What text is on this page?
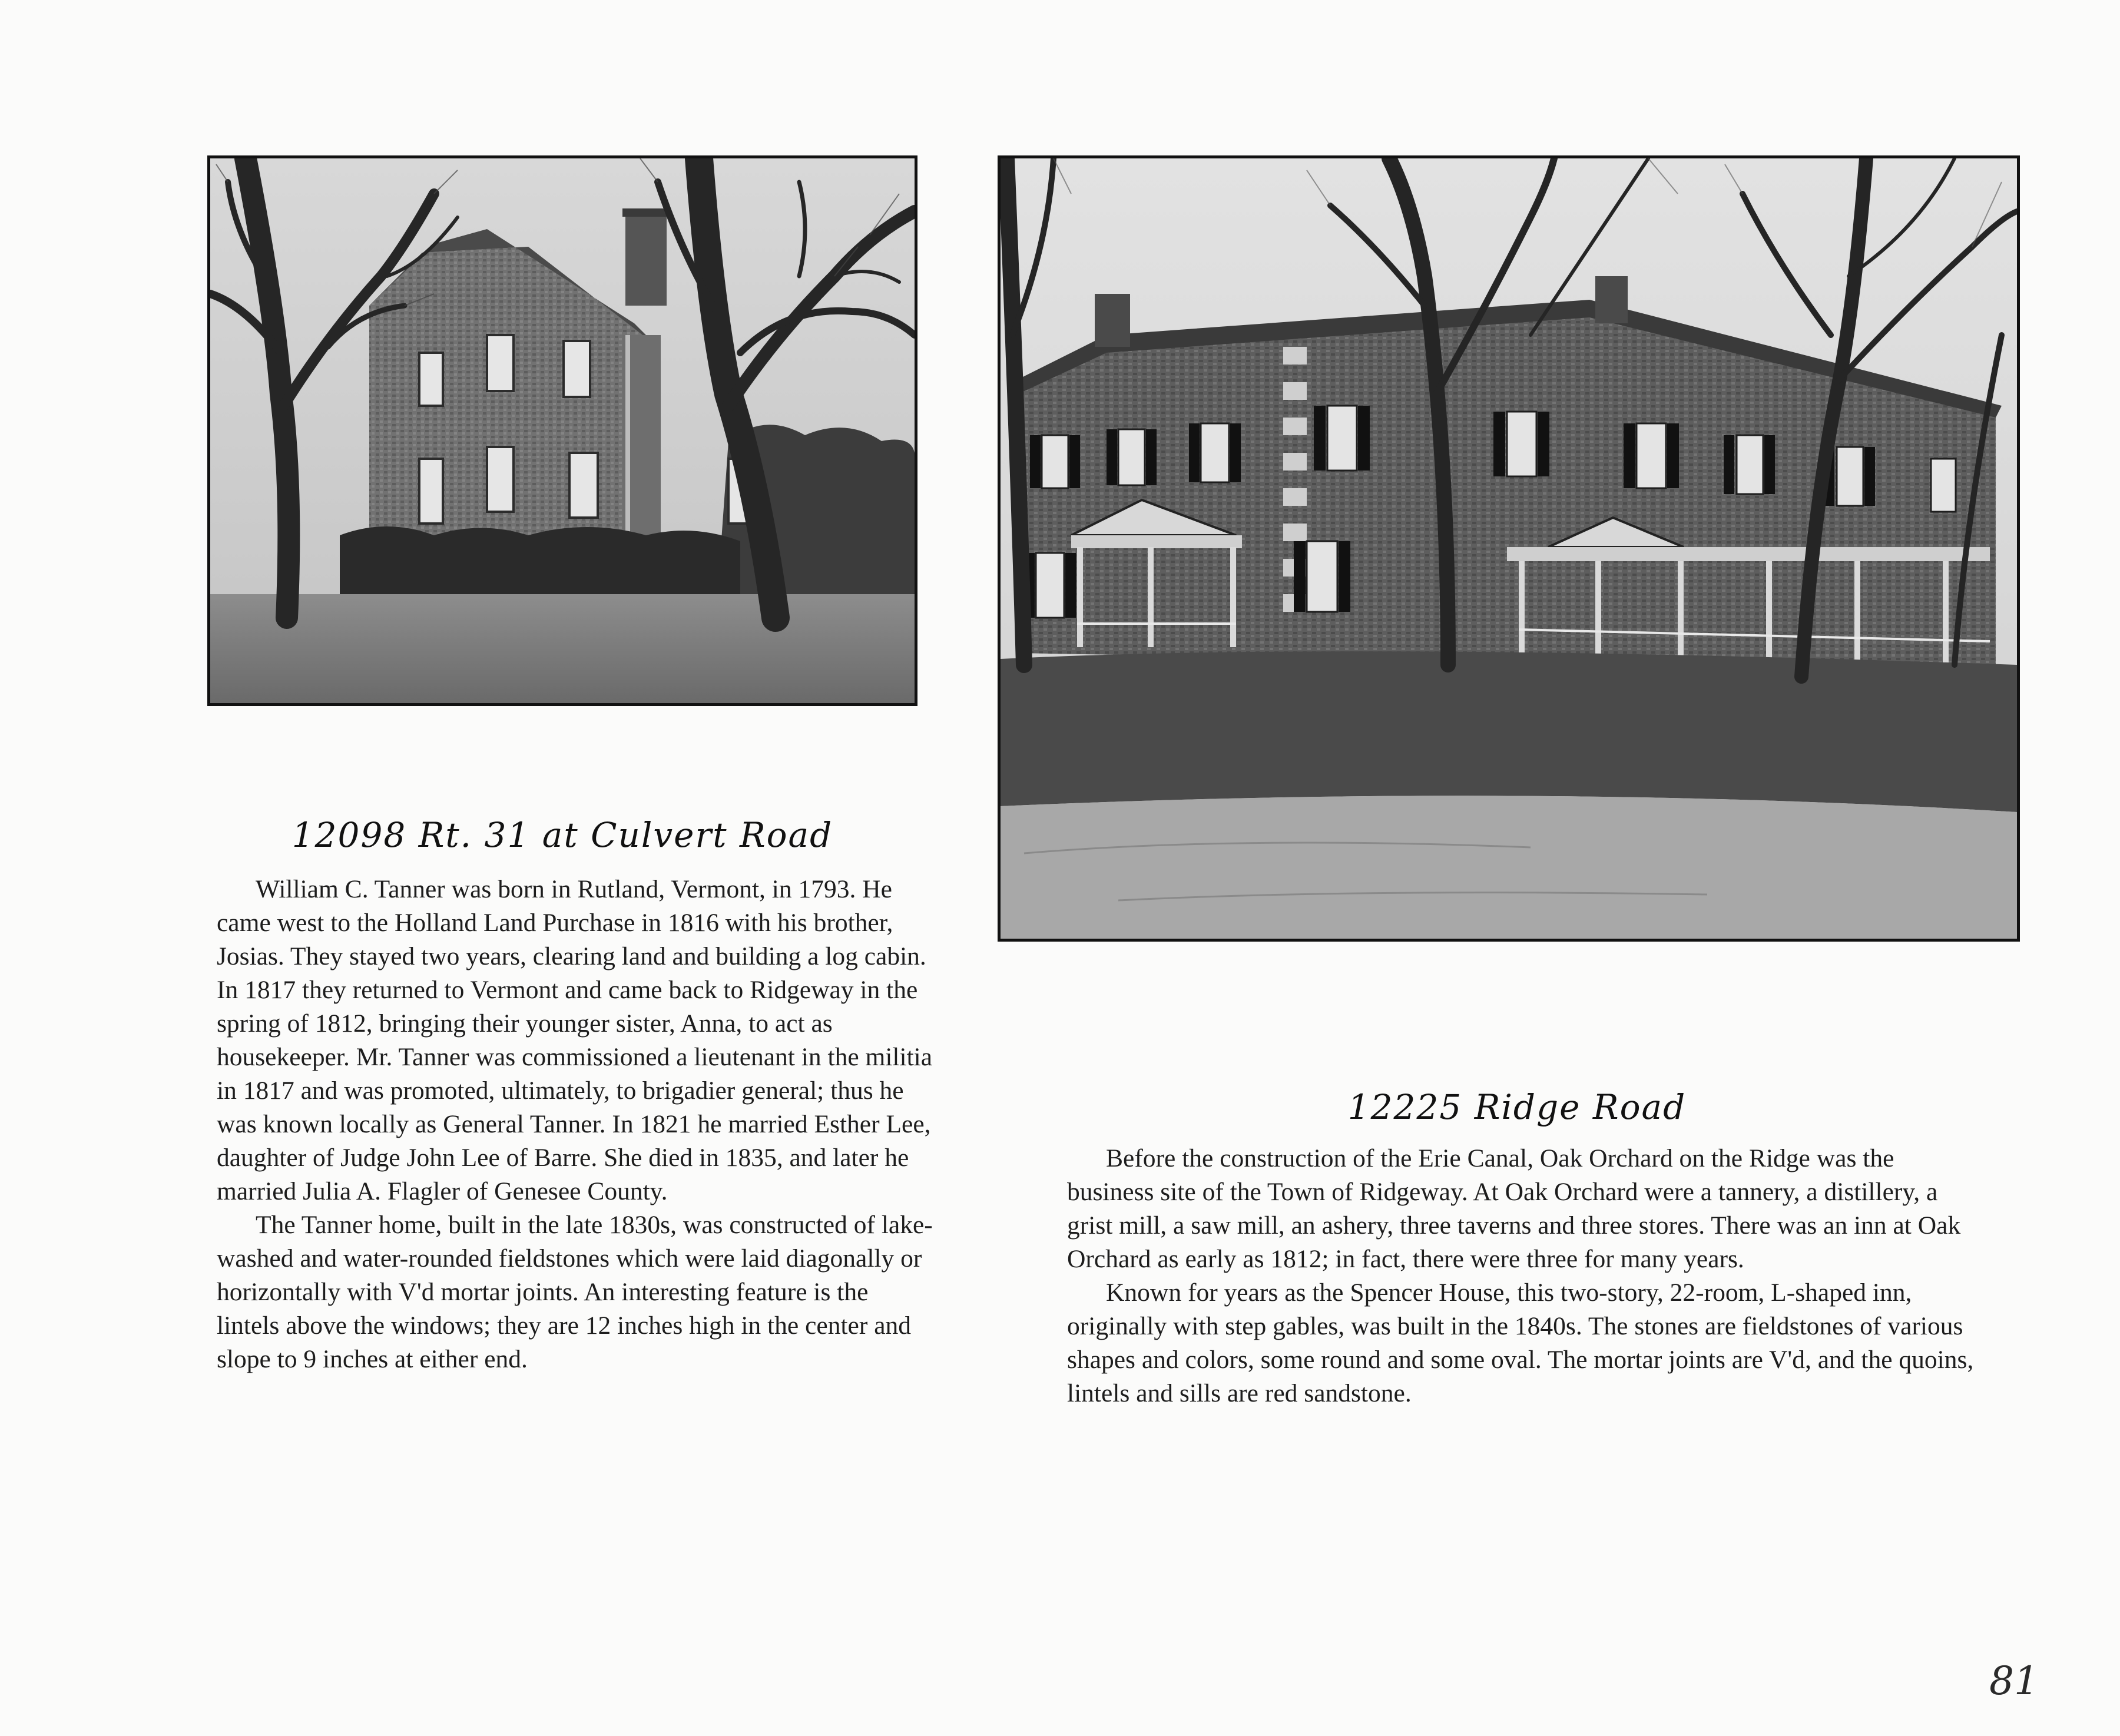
12098 Rt. 31 at Culvert Road

William C. Tanner was born in Rutland, Vermont, in 1793. He came west to the Holland Land Purchase in 1816 with his brother, Josias. They stayed two years, clearing land and building a log cabin. In 1817 they returned to Vermont and came back to Ridgeway in the spring of 1812, bringing their younger sister, Anna, to act as housekeeper. Mr. Tanner was commissioned a lieutenant in the militia in 1817 and was promoted, ultimately, to brigadier general; thus he was known locally as General Tanner. In 1821 he married Esther Lee, daughter of Judge John Lee of Barre. She died in 1835, and later he married Julia A. Flagler of Genesee County.

The Tanner home, built in the late 1830s, was constructed of lake-washed and water-rounded fieldstones which were laid diagonally or horizontally with V'd mortar joints. An interesting feature is the lintels above the windows; they are 12 inches high in the center and slope to 9 inches at either end.

12225 Ridge Road

Before the construction of the Erie Canal, Oak Orchard on the Ridge was the business site of the Town of Ridgeway. At Oak Orchard were a tannery, a distillery, a grist mill, a saw mill, an ashery, three taverns and three stores. There was an inn at Oak Orchard as early as 1812; in fact, there were three for many years.

Known for years as the Spencer House, this two-story, 22-room, L-shaped inn, originally with step gables, was built in the 1840s. The stones are fieldstones of various shapes and colors, some round and some oval. The mortar joints are V'd, and the quoins, lintels and sills are red sandstone.

81
